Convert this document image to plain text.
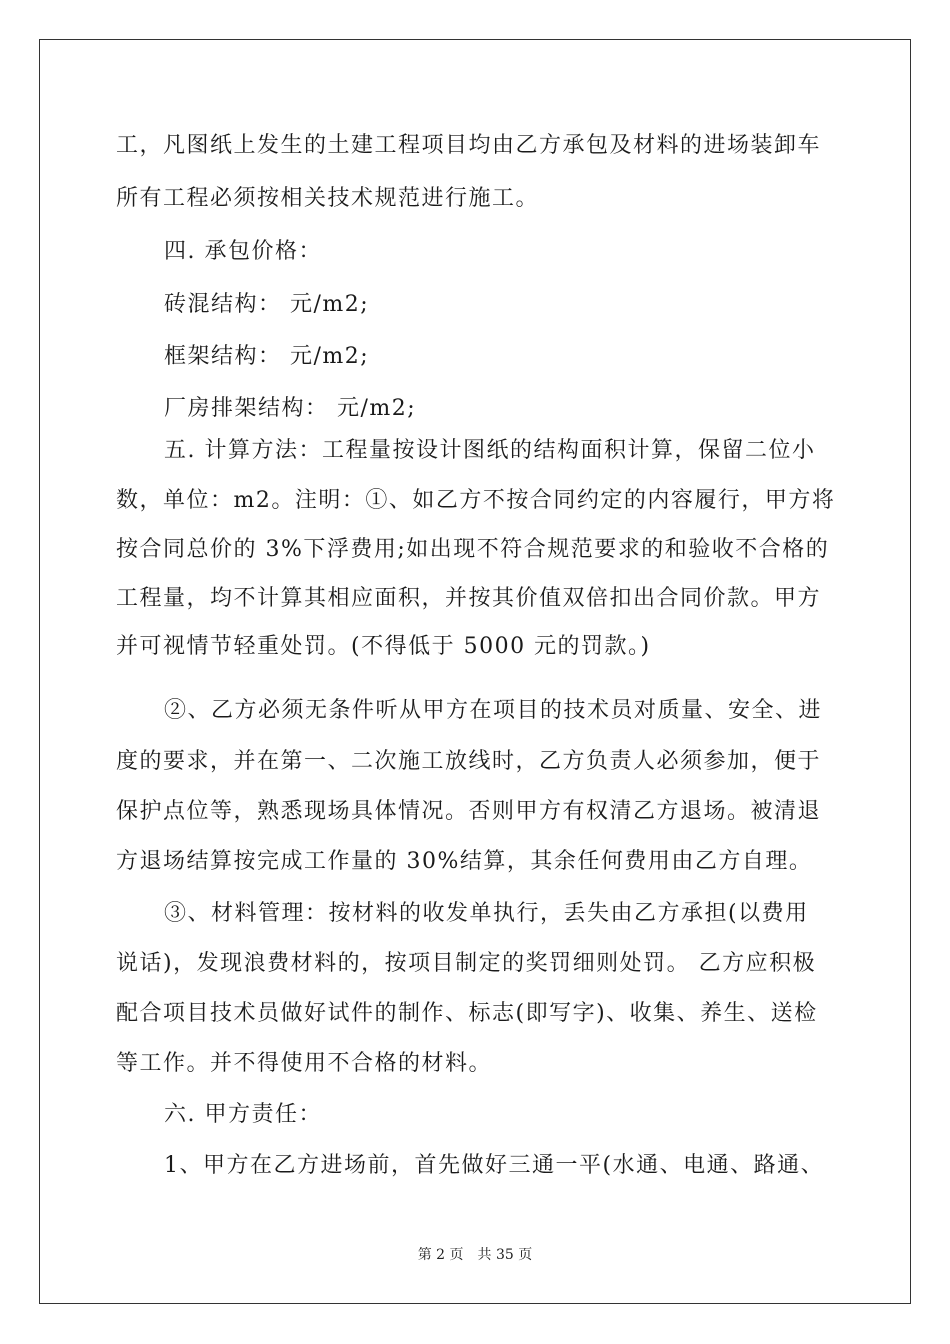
工，凡图纸上发生的土建工程项目均由乙方承包及材料的进场装卸车
所有工程必须按相关技术规范进行施工。
四. 承包价格：
砖混结构： 元/m2;
框架结构： 元/m2;
厂房排架结构： 元/m2;
五. 计算方法：工程量按设计图纸的结构面积计算，保留二位小
数，单位：m2。注明：①、如乙方不按合同约定的内容履行，甲方将
按合同总价的 3%下浮费用;如出现不符合规范要求的和验收不合格的
工程量，均不计算其相应面积，并按其价值双倍扣出合同价款。甲方
并可视情节轻重处罚。(不得低于 5000 元的罚款。)
②、乙方必须无条件听从甲方在项目的技术员对质量、安全、进
度的要求，并在第一、二次施工放线时，乙方负责人必须参加，便于
保护点位等，熟悉现场具体情况。否则甲方有权清乙方退场。被清退
方退场结算按完成工作量的 30%结算，其余任何费用由乙方自理。
③、材料管理：按材料的收发单执行，丢失由乙方承担(以费用
说话)，发现浪费材料的，按项目制定的奖罚细则处罚。 乙方应积极
配合项目技术员做好试件的制作、标志(即写字)、收集、养生、送检
等工作。并不得使用不合格的材料。
六. 甲方责任：
1、甲方在乙方进场前，首先做好三通一平(水通、电通、路通、
第 2 页　共 35 页
